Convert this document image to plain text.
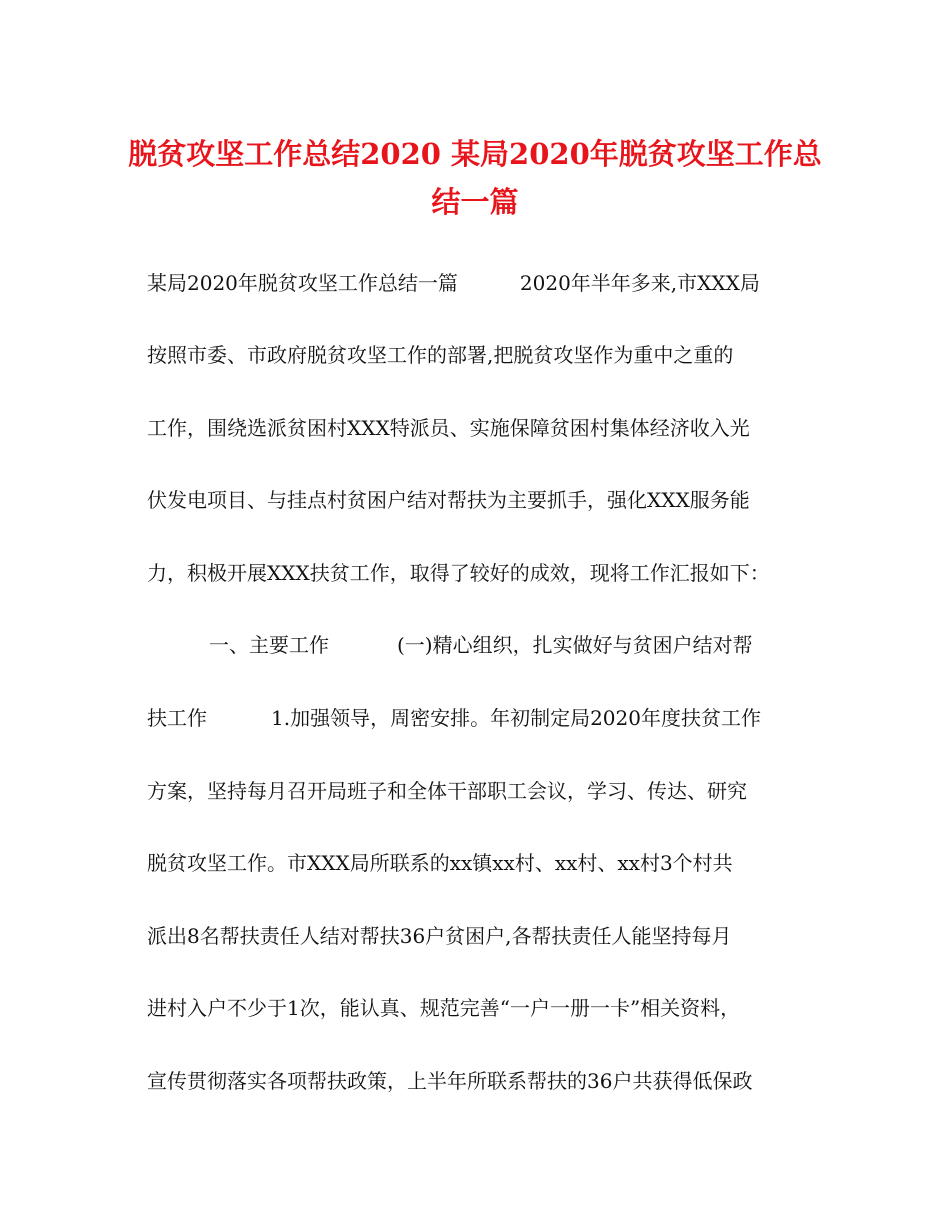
脱贫攻坚工作总结2020 某局2020年脱贫攻坚工作总
结一篇

某局2020年脱贫攻坚工作总结一篇	2020年半年多来,市XXX局

按照市委、市政府脱贫攻坚工作的部署,把脱贫攻坚作为重中之重的

工作，围绕选派贫困村XXX特派员、实施保障贫困村集体经济收入光

伏发电项目、与挂点村贫困户结对帮扶为主要抓手，强化XXX服务能

力，积极开展XXX扶贫工作，取得了较好的成效，现将工作汇报如下：

一、主要工作	(一)精心组织，扎实做好与贫困户结对帮

扶工作	1.加强领导，周密安排。年初制定局2020年度扶贫工作

方案，坚持每月召开局班子和全体干部职工会议，学习、传达、研究

脱贫攻坚工作。市XXX局所联系的xx镇xx村、xx村、xx村3个村共

派出8名帮扶责任人结对帮扶36户贫困户,各帮扶责任人能坚持每月

进村入户不少于1次，能认真、规范完善“一户一册一卡”相关资料，

宣传贯彻落实各项帮扶政策，上半年所联系帮扶的36户共获得低保政
